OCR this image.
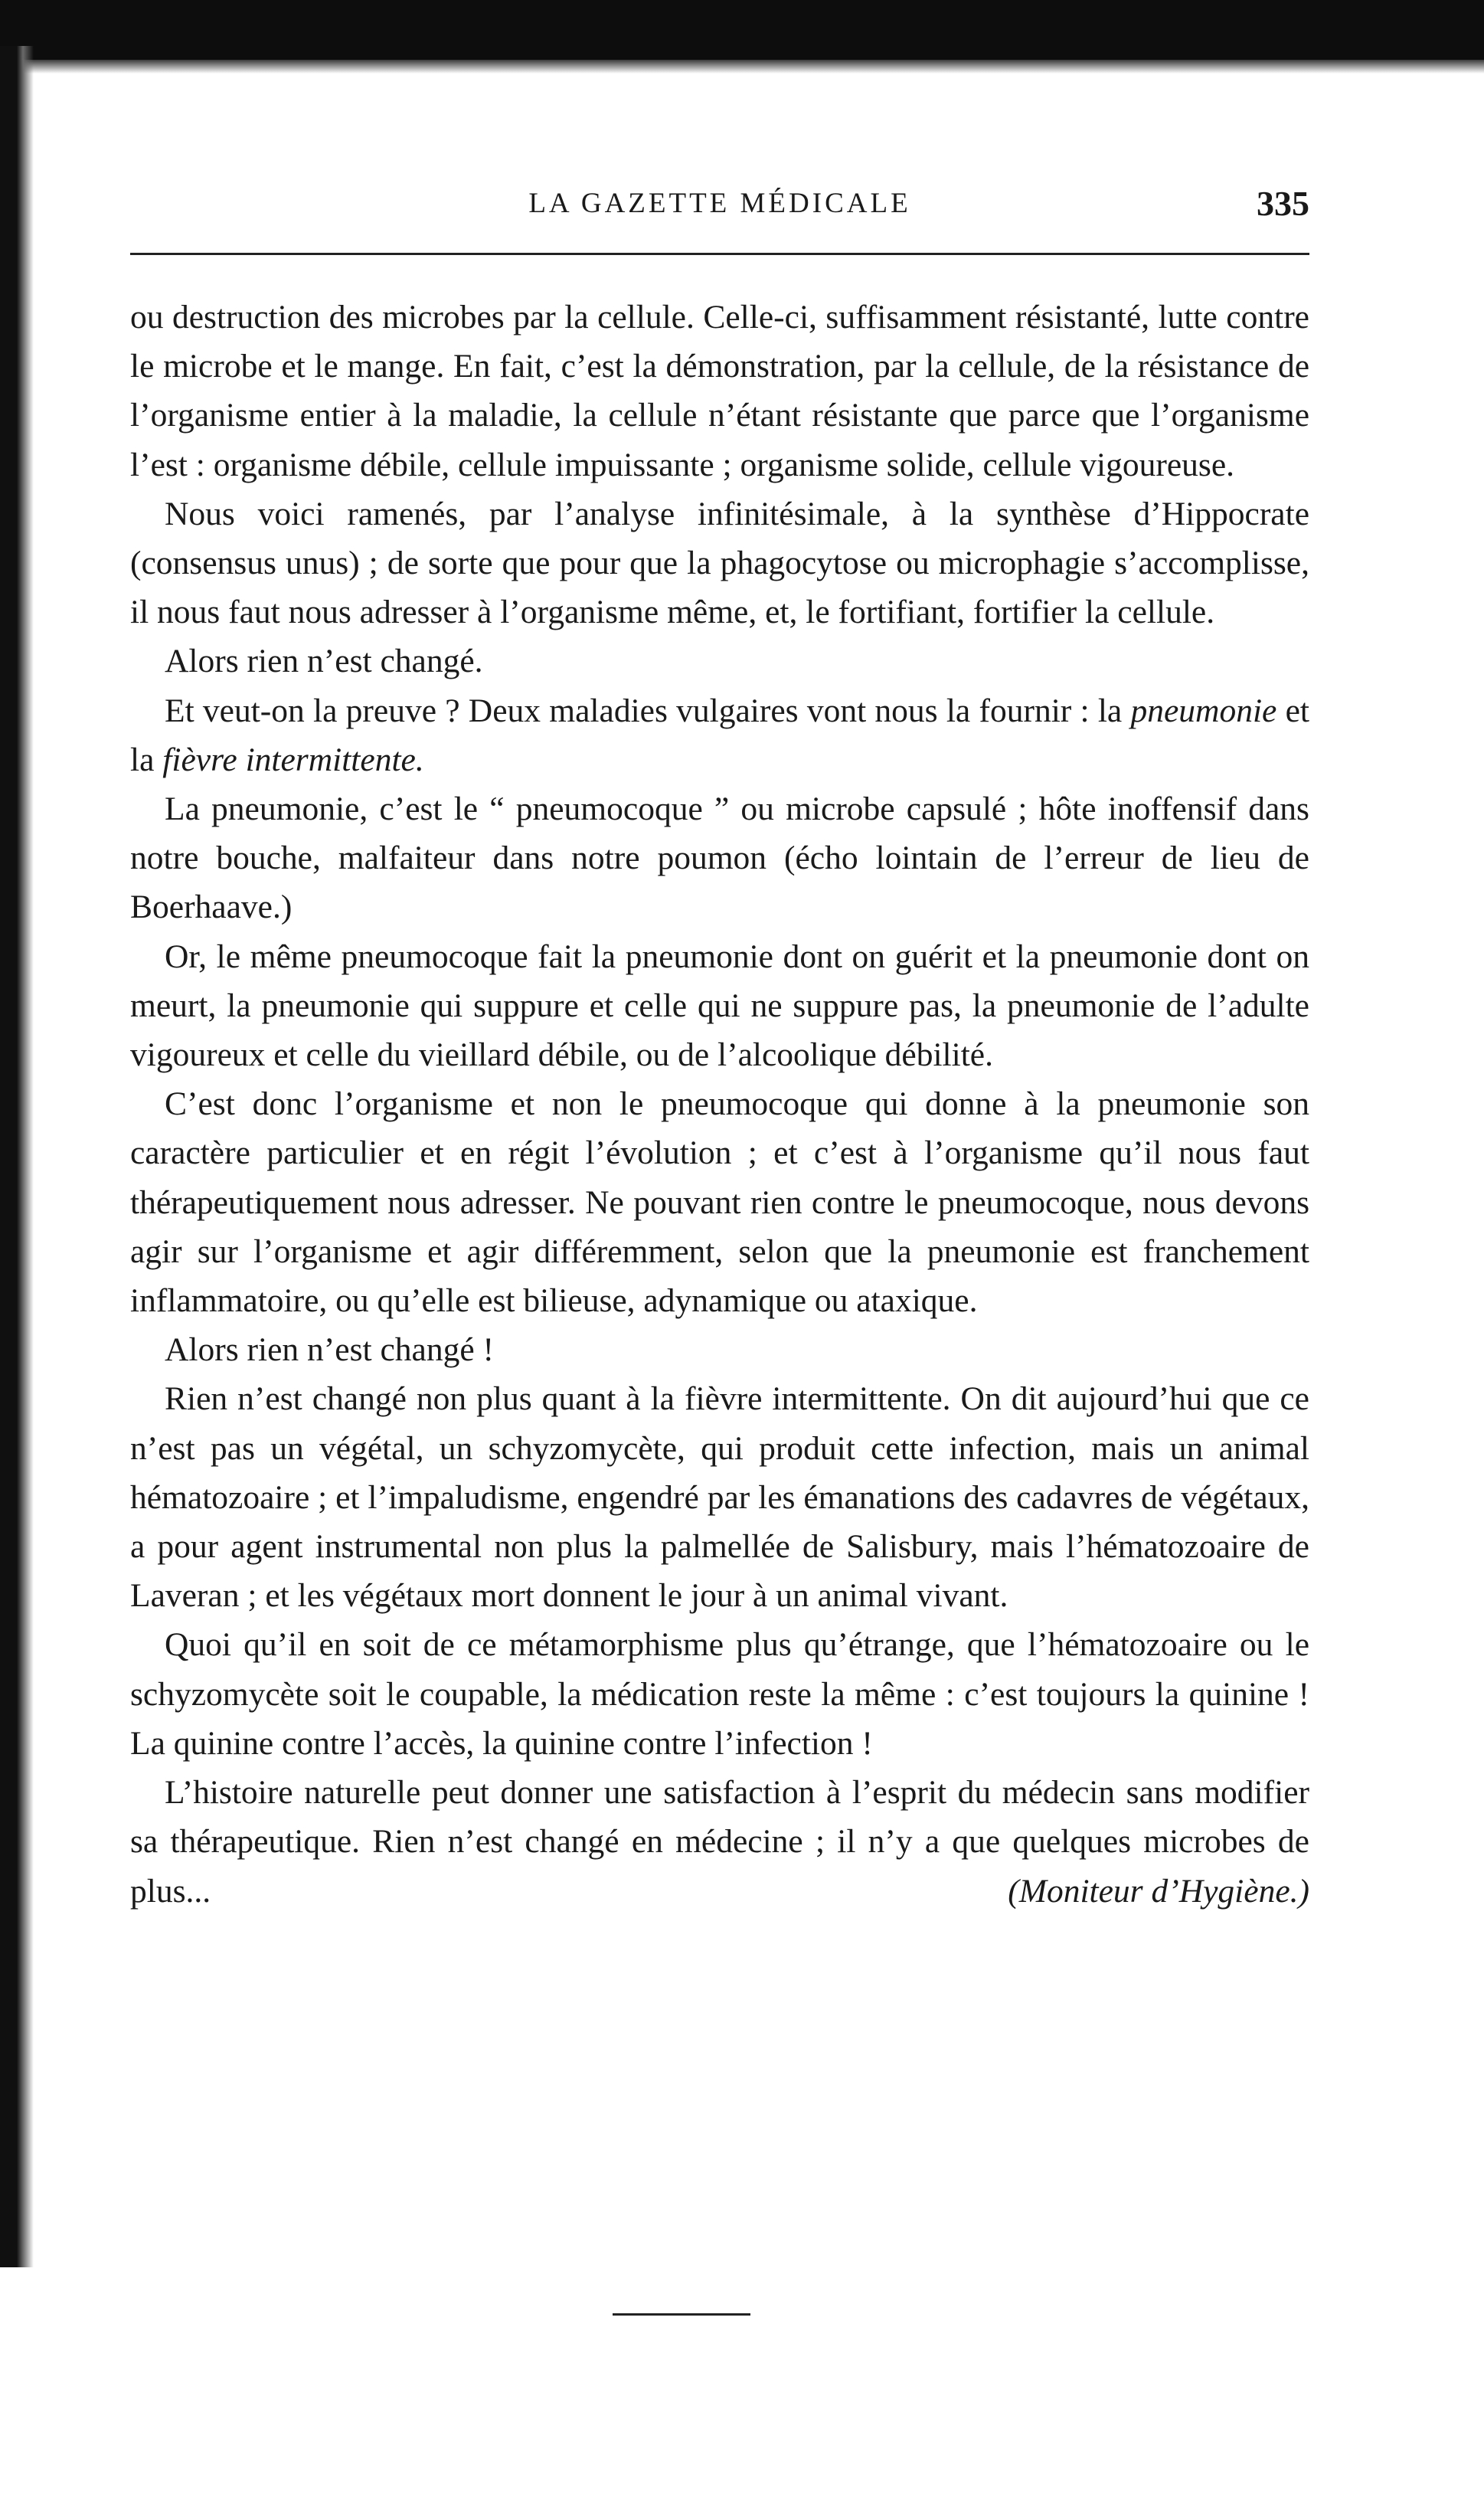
LA GAZETTE MÉDICALE	335

ou destruction des microbes par la cellule. Celle-ci, suffisamment résistanté, lutte contre le microbe et le mange. En fait, c’est la démonstration, par la cellule, de la résistance de l’organisme entier à la maladie, la cellule n’étant résistante que parce que l’organisme l’est : organisme débile, cellule impuissante ; organisme solide, cellule vigoureuse.

Nous voici ramenés, par l’analyse infinitésimale, à la synthèse d’Hippocrate (consensus unus) ; de sorte que pour que la phagocytose ou microphagie s’accomplisse, il nous faut nous adresser à l’organisme même, et, le fortifiant, fortifier la cellule.

Alors rien n’est changé.

Et veut-on la preuve ? Deux maladies vulgaires vont nous la fournir : la pneumonie et la fièvre intermittente.

La pneumonie, c’est le “ pneumocoque ” ou microbe capsulé ; hôte inoffensif dans notre bouche, malfaiteur dans notre poumon (écho lointain de l’erreur de lieu de Boerhaave.)

Or, le même pneumocoque fait la pneumonie dont on guérit et la pneumonie dont on meurt, la pneumonie qui suppure et celle qui ne suppure pas, la pneumonie de l’adulte vigoureux et celle du vieillard débile, ou de l’alcoolique débilité.

C’est donc l’organisme et non le pneumocoque qui donne à la pneumonie son caractère particulier et en régit l’évolution ; et c’est à l’organisme qu’il nous faut thérapeutiquement nous adresser. Ne pouvant rien contre le pneumocoque, nous devons agir sur l’organisme et agir différemment, selon que la pneumonie est franchement inflammatoire, ou qu’elle est bilieuse, adynamique ou ataxique.

Alors rien n’est changé !

Rien n’est changé non plus quant à la fièvre intermittente. On dit aujourd’hui que ce n’est pas un végétal, un schyzomycète, qui produit cette infection, mais un animal hématozoaire ; et l’impaludisme, engendré par les émanations des cadavres de végétaux, a pour agent instrumental non plus la palmellée de Salisbury, mais l’hématozoaire de Laveran ; et les végétaux mort donnent le jour à un animal vivant.

Quoi qu’il en soit de ce métamorphisme plus qu’étrange, que l’hématozoaire ou le schyzomycète soit le coupable, la médication reste la même : c’est toujours la quinine ! La quinine contre l’accès, la quinine contre l’infection !

L’histoire naturelle peut donner une satisfaction à l’esprit du médecin sans modifier sa thérapeutique. Rien n’est changé en médecine ; il n’y a que quelques microbes de plus...	(Moniteur d’Hygiène.)
